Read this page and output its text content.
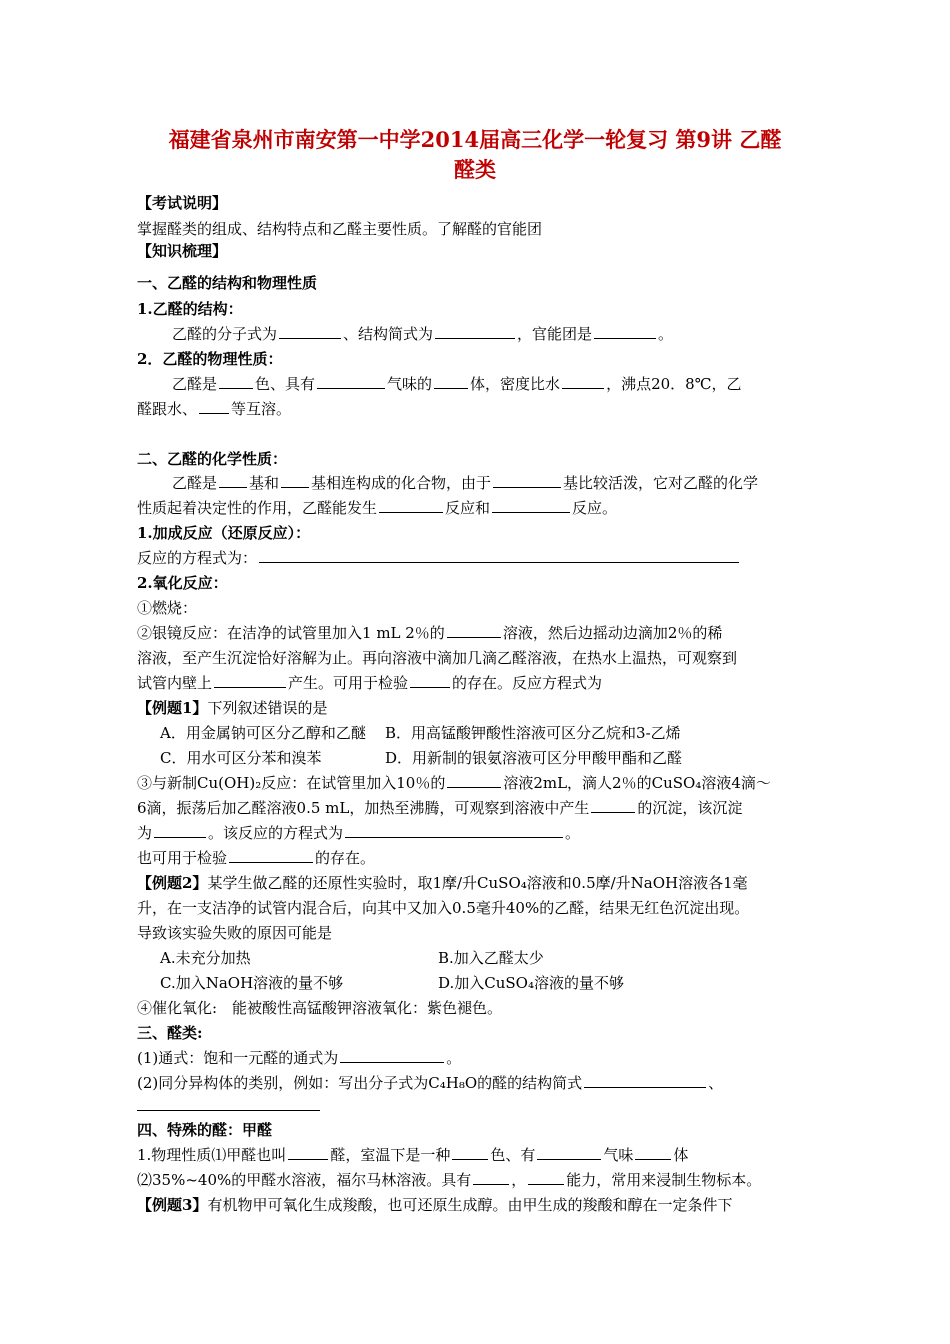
福建省泉州市南安第一中学2014届高三化学一轮复习 第9讲 乙醛
醛类
【考试说明】
掌握醛类的组成、结构特点和乙醛主要性质。了解醛的官能团
【知识梳理】
一、乙醛的结构和物理性质
1.乙醛的结构：
乙醛的分子式为	、结构简式为	，官能团是	。
2．乙醛的物理性质：
乙醛是	色、具有	气味的	体，密度比水	，沸点20．8℃，乙
醛跟水、 等互溶。
二、乙醛的化学性质：
乙醛是 基和 基相连构成的化合物，由于	基比较活泼，它对乙醛的化学
性质起着决定性的作用，乙醛能发生	反应和	反应。
1.加成反应（还原反应）：
反应的方程式为：
2.氧化反应：
①燃烧：
②银镜反应：在洁净的试管里加入1 mL 2％的	溶液，然后边摇动边滴加2％的稀
溶液，至产生沉淀恰好溶解为止。再向溶液中滴加几滴乙醛溶液，在热水上温热，可观察到
试管内壁上	产生。可用于检验	的存在。反应方程式为
【例题1】下列叙述错误的是
A．用金属钠可区分乙醇和乙醚 B．用高锰酸钾酸性溶液可区分乙烷和3-乙烯
C．用水可区分苯和溴苯	D．用新制的银氨溶液可区分甲酸甲酯和乙醛
③与新制Cu(OH)₂反应：在试管里加入10％的	溶液2mL，滴人2％的CuSO₄溶液4滴～
6滴，振荡后加乙醛溶液0.5 mL，加热至沸腾，可观察到溶液中产生	的沉淀，该沉淀
为	。该反应的方程式为	。
也可用于检验	的存在。
【例题2】某学生做乙醛的还原性实验时，取1摩/升CuSO₄溶液和0.5摩/升NaOH溶液各1毫
升，在一支洁净的试管内混合后，向其中又加入0.5毫升40%的乙醛，结果无红色沉淀出现。
导致该实验失败的原因可能是
A.未充分加热	B.加入乙醛太少
C.加入NaOH溶液的量不够	D.加入CuSO₄溶液的量不够
④催化氧化:　能被酸性高锰酸钾溶液氧化：紫色褪色。
三、醛类:
(1)通式：饱和一元醛的通式为	。
(2)同分异构体的类别，例如：写出分子式为C₄H₈O的醛的结构简式	、
四、特殊的醛：甲醛
1.物理性质⑴甲醛也叫	醛，室温下是一种	色、有	气味	体
⑵35%~40%的甲醛水溶液，福尔马林溶液。具有	，	能力，常用来浸制生物标本。
【例题3】有机物甲可氧化生成羧酸，也可还原生成醇。由甲生成的羧酸和醇在一定条件下
